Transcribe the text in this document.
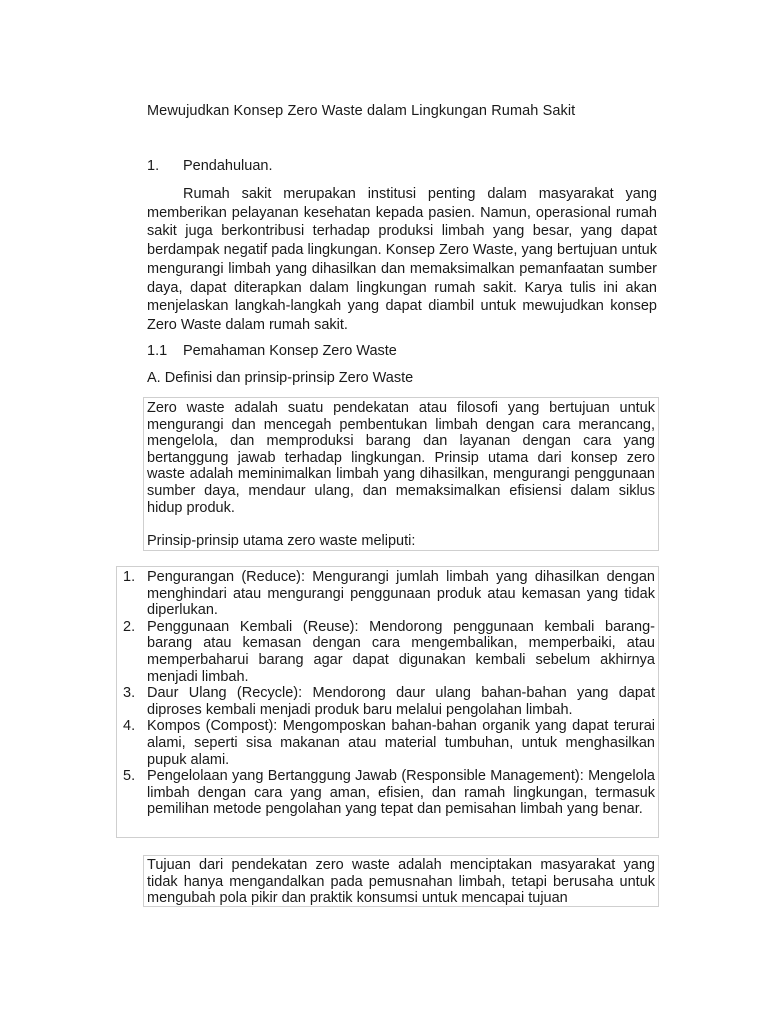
Mewujudkan Konsep Zero Waste dalam Lingkungan Rumah Sakit
1. Pendahuluan.

Rumah sakit merupakan institusi penting dalam masyarakat yang memberikan pelayanan kesehatan kepada pasien. Namun, operasional rumah sakit juga berkontribusi terhadap produksi limbah yang besar, yang dapat berdampak negatif pada lingkungan. Konsep Zero Waste, yang bertujuan untuk mengurangi limbah yang dihasilkan dan memaksimalkan pemanfaatan sumber daya, dapat diterapkan dalam lingkungan rumah sakit. Karya tulis ini akan menjelaskan langkah-langkah yang dapat diambil untuk mewujudkan konsep Zero Waste dalam rumah sakit.

1.1 Pemahaman Konsep Zero Waste
A. Definisi dan prinsip-prinsip Zero Waste

Zero waste adalah suatu pendekatan atau filosofi yang bertujuan untuk mengurangi dan mencegah pembentukan limbah dengan cara merancang, mengelola, dan memproduksi barang dan layanan dengan cara yang bertanggung jawab terhadap lingkungan. Prinsip utama dari konsep zero waste adalah meminimalkan limbah yang dihasilkan, mengurangi penggunaan sumber daya, mendaur ulang, dan memaksimalkan efisiensi dalam siklus hidup produk.

Prinsip-prinsip utama zero waste meliputi:

1. Pengurangan (Reduce): Mengurangi jumlah limbah yang dihasilkan dengan menghindari atau mengurangi penggunaan produk atau kemasan yang tidak diperlukan.
2. Penggunaan Kembali (Reuse): Mendorong penggunaan kembali barang-barang atau kemasan dengan cara mengembalikan, memperbaiki, atau memperbaharui barang agar dapat digunakan kembali sebelum akhirnya menjadi limbah.
3. Daur Ulang (Recycle): Mendorong daur ulang bahan-bahan yang dapat diproses kembali menjadi produk baru melalui pengolahan limbah.
4. Kompos (Compost): Mengomposkan bahan-bahan organik yang dapat terurai alami, seperti sisa makanan atau material tumbuhan, untuk menghasilkan pupuk alami.
5. Pengelolaan yang Bertanggung Jawab (Responsible Management): Mengelola limbah dengan cara yang aman, efisien, dan ramah lingkungan, termasuk pemilihan metode pengolahan yang tepat dan pemisahan limbah yang benar.

Tujuan dari pendekatan zero waste adalah menciptakan masyarakat yang tidak hanya mengandalkan pada pemusnahan limbah, tetapi berusaha untuk mengubah pola pikir dan praktik konsumsi untuk mencapai tujuan
